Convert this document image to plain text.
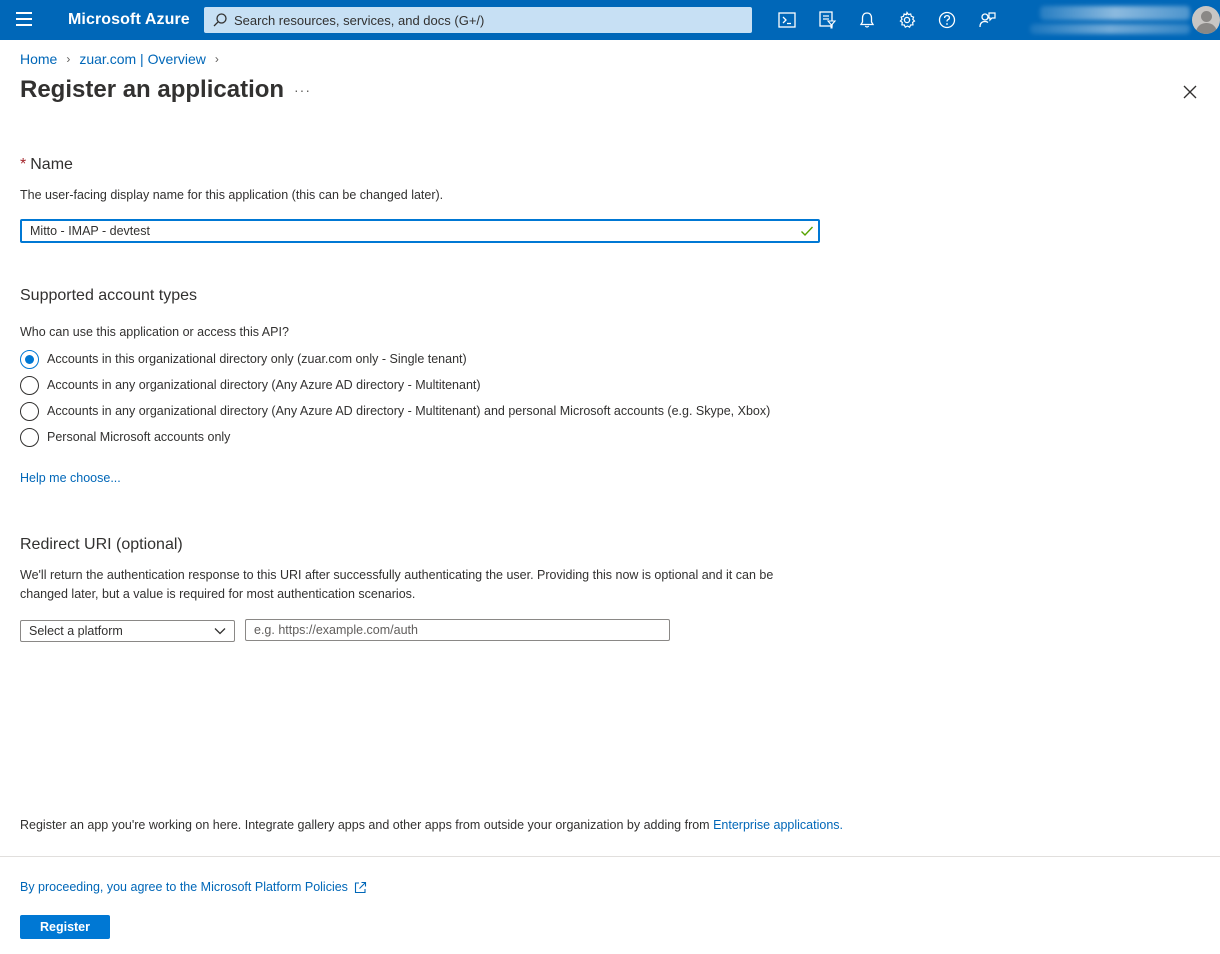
Microsoft Azure
Search resources, services, and docs (G+/)
Home › zuar.com | Overview ›
Register an application ···
* Name
The user-facing display name for this application (this can be changed later).
Mitto - IMAP - devtest
Supported account types
Who can use this application or access this API?
Accounts in this organizational directory only (zuar.com only - Single tenant)
Accounts in any organizational directory (Any Azure AD directory - Multitenant)
Accounts in any organizational directory (Any Azure AD directory - Multitenant) and personal Microsoft accounts (e.g. Skype, Xbox)
Personal Microsoft accounts only
Help me choose...
Redirect URI (optional)
We'll return the authentication response to this URI after successfully authenticating the user. Providing this now is optional and it can be
changed later, but a value is required for most authentication scenarios.
Select a platform
e.g. https://example.com/auth
Register an app you're working on here. Integrate gallery apps and other apps from outside your organization by adding from Enterprise applications.
By proceeding, you agree to the Microsoft Platform Policies
Register
